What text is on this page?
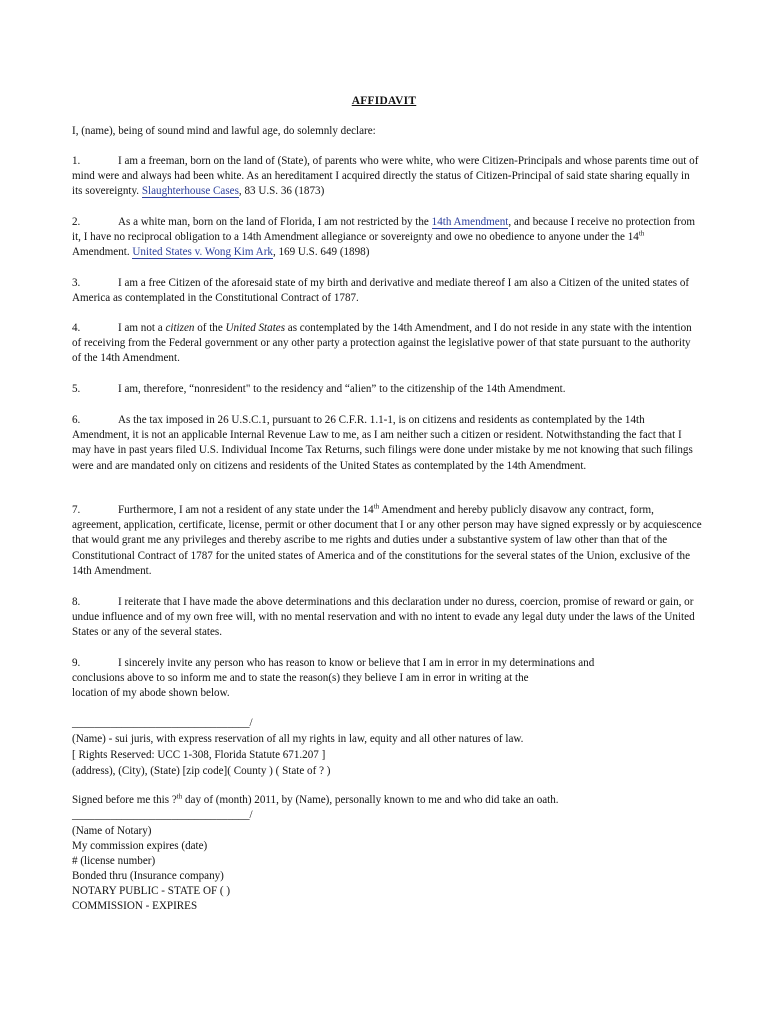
AFFIDAVIT

I, (name), being of sound mind and lawful age, do solemnly declare:

1.	I am a freeman, born on the land of (State), of parents who were white, who were Citizen-Principals and whose parents time out of mind were and always had been white. As an hereditament I acquired directly the status of Citizen-Principal of said state sharing equally in its sovereignty. Slaughterhouse Cases, 83 U.S. 36 (1873)

2.	As a white man, born on the land of Florida, I am not restricted by the 14th Amendment, and because I receive no protection from it, I have no reciprocal obligation to a 14th Amendment allegiance or sovereignty and owe no obedience to anyone under the 14th Amendment. United States v. Wong Kim Ark, 169 U.S. 649 (1898)

3.	I am a free Citizen of the aforesaid state of my birth and derivative and mediate thereof I am also a Citizen of the united states of America as contemplated in the Constitutional Contract of 1787.

4.	I am not a citizen of the United States as contemplated by the 14th Amendment, and I do not reside in any state with the intention of receiving from the Federal government or any other party a protection against the legislative power of that state pursuant to the authority of the 14th Amendment.

5.	I am, therefore, “nonresident" to the residency and “alien” to the citizenship of the 14th Amendment.

6.	As the tax imposed in 26 U.S.C.1, pursuant to 26 C.F.R. 1.1-1, is on citizens and residents as contemplated by the 14th Amendment, it is not an applicable Internal Revenue Law to me, as I am neither such a citizen or resident. Notwithstanding the fact that I may have in past years filed U.S. Individual Income Tax Returns, such filings were done under mistake by me not knowing that such filings were and are mandated only on citizens and residents of the United States as contemplated by the 14th Amendment.

7.	Furthermore, I am not a resident of any state under the 14th Amendment and hereby publicly disavow any contract, form, agreement, application, certificate, license, permit or other document that I or any other person may have signed expressly or by acquiescence that would grant me any privileges and thereby ascribe to me rights and duties under a substantive system of law other than that of the Constitutional Contract of 1787 for the united states of America and of the constitutions for the several states of the Union, exclusive of the 14th Amendment.

8.	I reiterate that I have made the above determinations and this declaration under no duress, coercion, promise of reward or gain, or undue influence and of my own free will, with no mental reservation and with no intent to evade any legal duty under the laws of the United States or any of the several states.

9.	I sincerely invite any person who has reason to know or believe that I am in error in my determinations and
conclusions above to so inform me and to state the reason(s) they believe I am in error in writing at the
location of my abode shown below.
________________________________/
(Name) - sui juris, with express reservation of all my rights in law, equity and all other natures of law.
[ Rights Reserved: UCC 1-308, Florida Statute 671.207 ]
(address), (City), (State) [zip code]( County ) ( State of ? )
Signed before me this ?$^{th}$ day of (month) 2011, by (Name), personally known to me and who did take an oath.
________________________________/
(Name of Notary)
My commission expires (date)
# (license number)
Bonded thru (Insurance company)
NOTARY PUBLIC - STATE OF ( )
COMMISSION - EXPIRES
